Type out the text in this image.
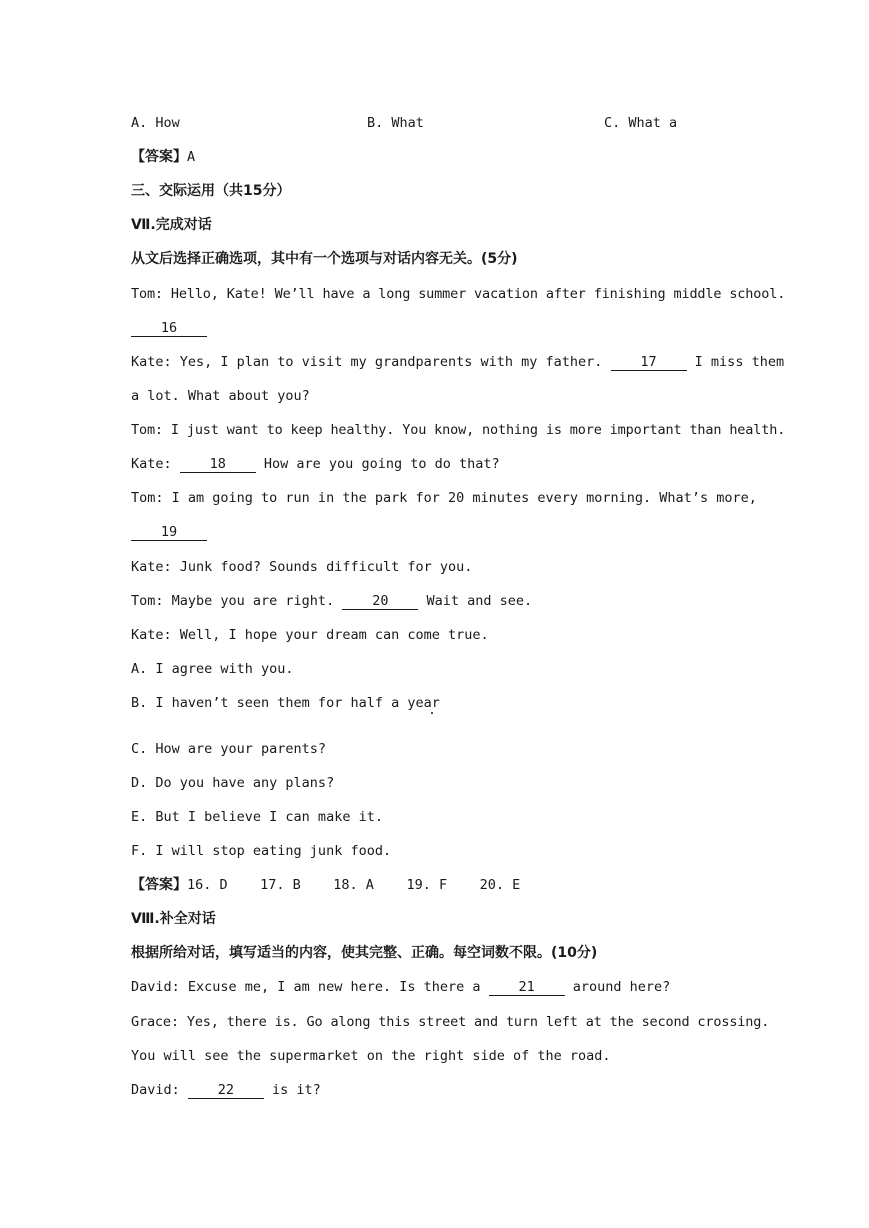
A. How	B. What	C. What a
【答案】A
三、交际运用（共15分）
Ⅶ.完成对话
从文后选择正确选项，其中有一个选项与对话内容无关。(5分)
Tom: Hello, Kate! We’ll have a long summer vacation after finishing middle school.
16
Kate: Yes, I plan to visit my grandparents with my father. 17 I miss them
a lot. What about you?
Tom: I just want to keep healthy. You know, nothing is more important than health.
Kate: 18 How are you going to do that?
Tom: I am going to run in the park for 20 minutes every morning. What’s more,
19
Kate: Junk food? Sounds difficult for you.
Tom: Maybe you are right. 20 Wait and see.
Kate: Well, I hope your dream can come true.
A. I agree with you.
B. I haven’t seen them for half a year
C. How are your parents?
D. Do you have any plans?
E. But I believe I can make it.
F. I will stop eating junk food.
【答案】16. D    17. B    18. A    19. F    20. E
Ⅷ.补全对话
根据所给对话，填写适当的内容，使其完整、正确。每空词数不限。(10分)
David: Excuse me, I am new here. Is there a 21 around here?
Grace: Yes, there is. Go along this street and turn left at the second crossing.
You will see the supermarket on the right side of the road.
David: 22 is it?
